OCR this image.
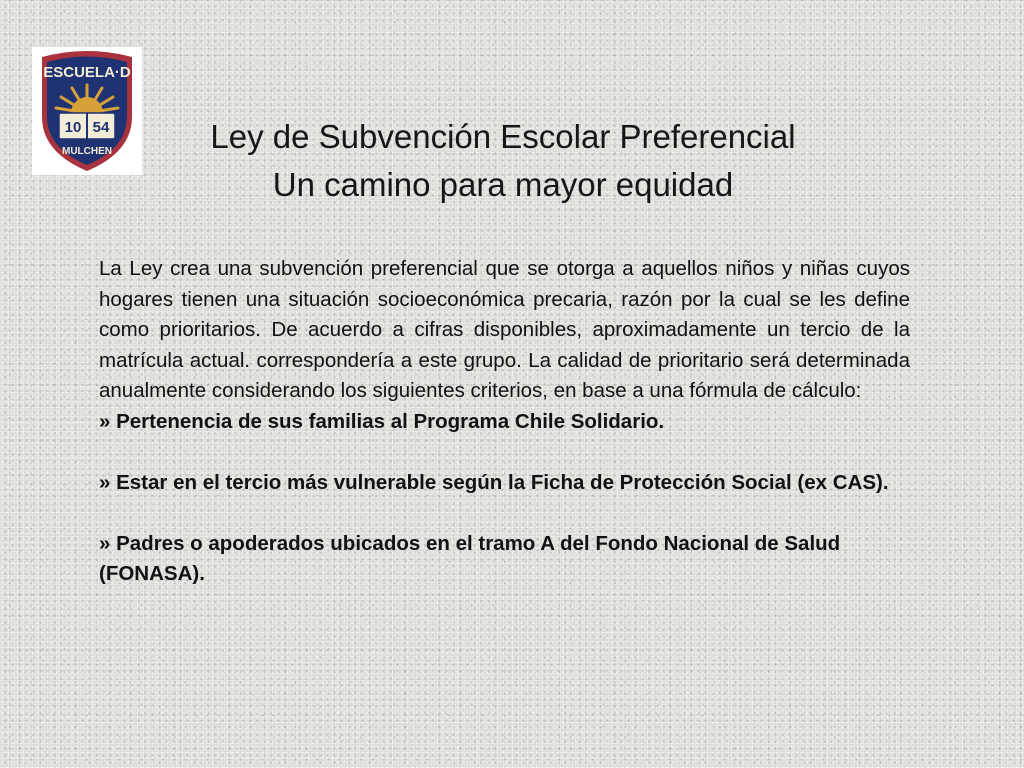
10 54
ESCUELA·D
MULCHEN	Ley de Subvención Escolar Preferencial
Un camino para mayor equidad

La Ley crea una subvención preferencial que se otorga a aquellos niños y niñas cuyos hogares tienen una situación socioeconómica precaria, razón por la cual se les define como prioritarios. De acuerdo a cifras disponibles, aproximadamente un tercio de la matrícula actual. correspondería a este grupo. La calidad de prioritario será determinada anualmente considerando los siguientes criterios, en base a una fórmula de cálculo:

» Pertenencia de sus familias al Programa Chile Solidario.

» Estar en el tercio más vulnerable según la Ficha de Protección Social (ex CAS).

» Padres o apoderados ubicados en el tramo A del Fondo Nacional de Salud (FONASA).
